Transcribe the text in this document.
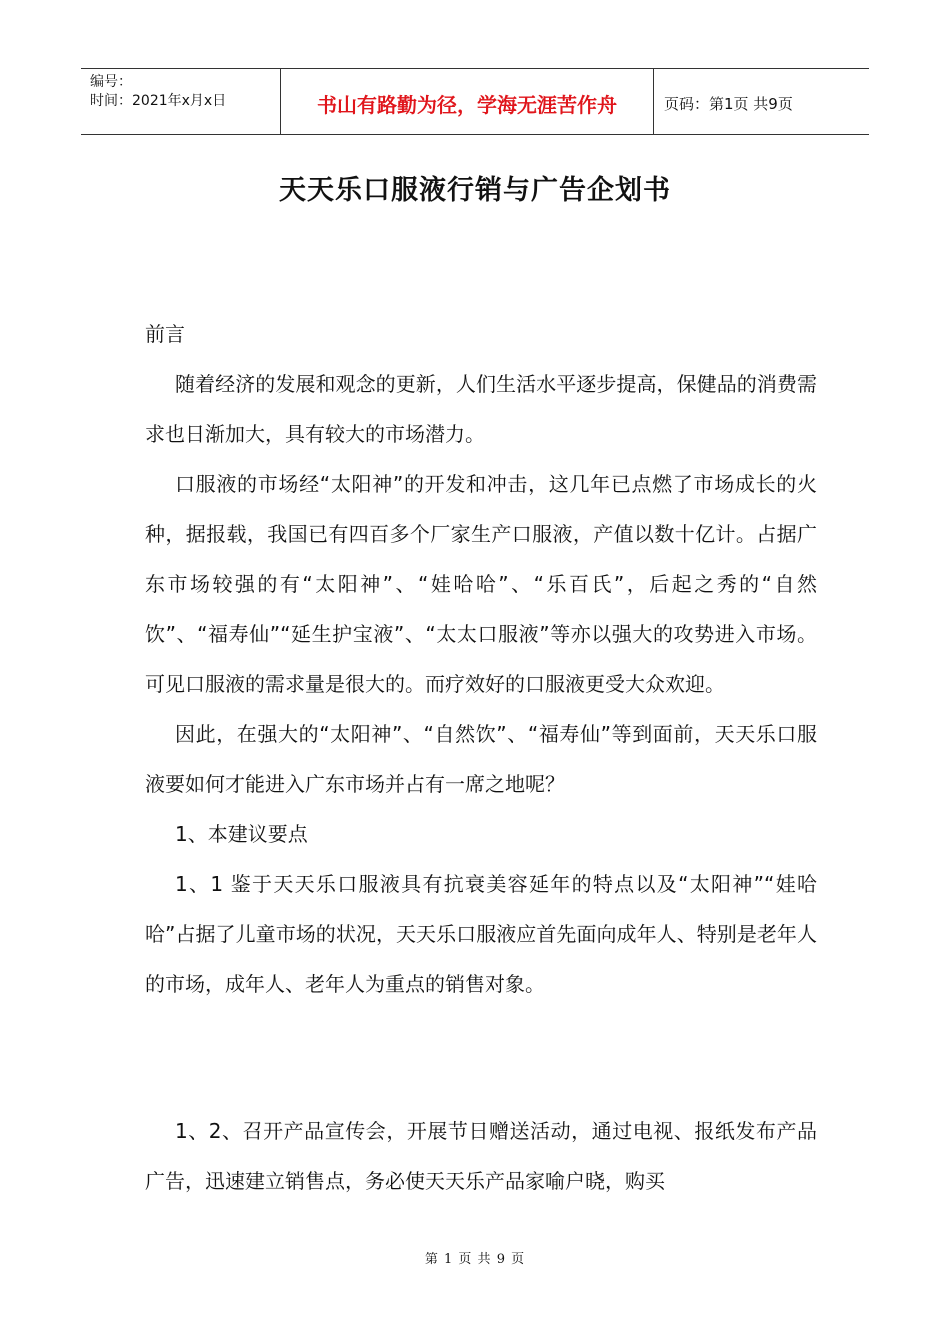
编号：
时间：2021年x月x日	书山有路勤为径，学海无涯苦作舟	页码：第1页 共9页
天天乐口服液行销与广告企划书

前言

随着经济的发展和观念的更新，人们生活水平逐步提高，保健品的消费需求也日渐加大，具有较大的市场潜力。

口服液的市场经“太阳神”的开发和冲击，这几年已点燃了市场成长的火种，据报载，我国已有四百多个厂家生产口服液，产值以数十亿计。占据广东市场较强的有“太阳神”、“娃哈哈”、“乐百氏”，后起之秀的“自然饮”、“福寿仙”“延生护宝液”、“太太口服液”等亦以强大的攻势进入市场。可见口服液的需求量是很大的。而疗效好的口服液更受大众欢迎。

因此，在强大的“太阳神”、“自然饮”、“福寿仙”等到面前，天天乐口服液要如何才能进入广东市场并占有一席之地呢？

1、本建议要点

1、1 鉴于天天乐口服液具有抗衰美容延年的特点以及“太阳神”“娃哈哈”占据了儿童市场的状况，天天乐口服液应首先面向成年人、特别是老年人的市场，成年人、老年人为重点的销售对象。

1、2、召开产品宣传会，开展节日赠送活动，通过电视、报纸发布产品广告，迅速建立销售点，务必使天天乐产品家喻户晓，购买

第 1 页 共 9 页
